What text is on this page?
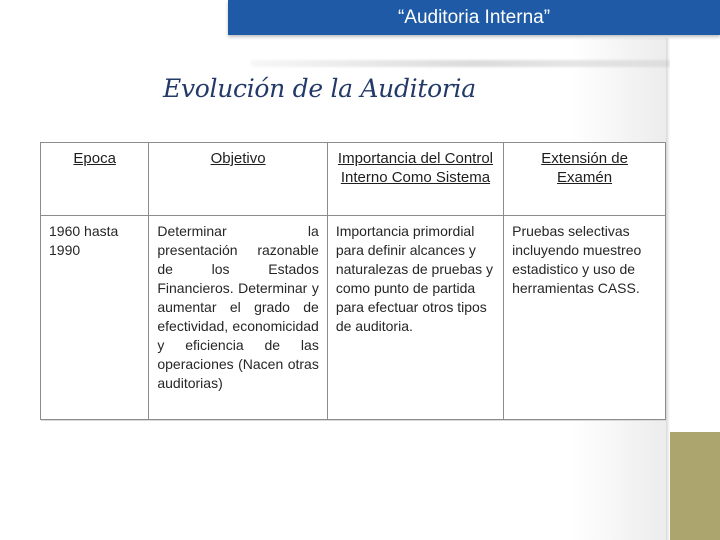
“Auditoria Interna”
Evolución de la Auditoria
Epoca	Objetivo	Importancia del Control Interno Como Sistema	Extensión de Examén
1960 hasta 1990	Determinar la presentación razonable de los Estados Financieros. Determinar y aumentar el grado de efectividad, economicidad y eficiencia de las operaciones (Nacen otras auditorias)	Importancia primordial para definir alcances y naturalezas de pruebas y como punto de partida para efectuar otros tipos de auditoria.	Pruebas selectivas incluyendo muestreo estadistico y uso de herramientas CASS.
